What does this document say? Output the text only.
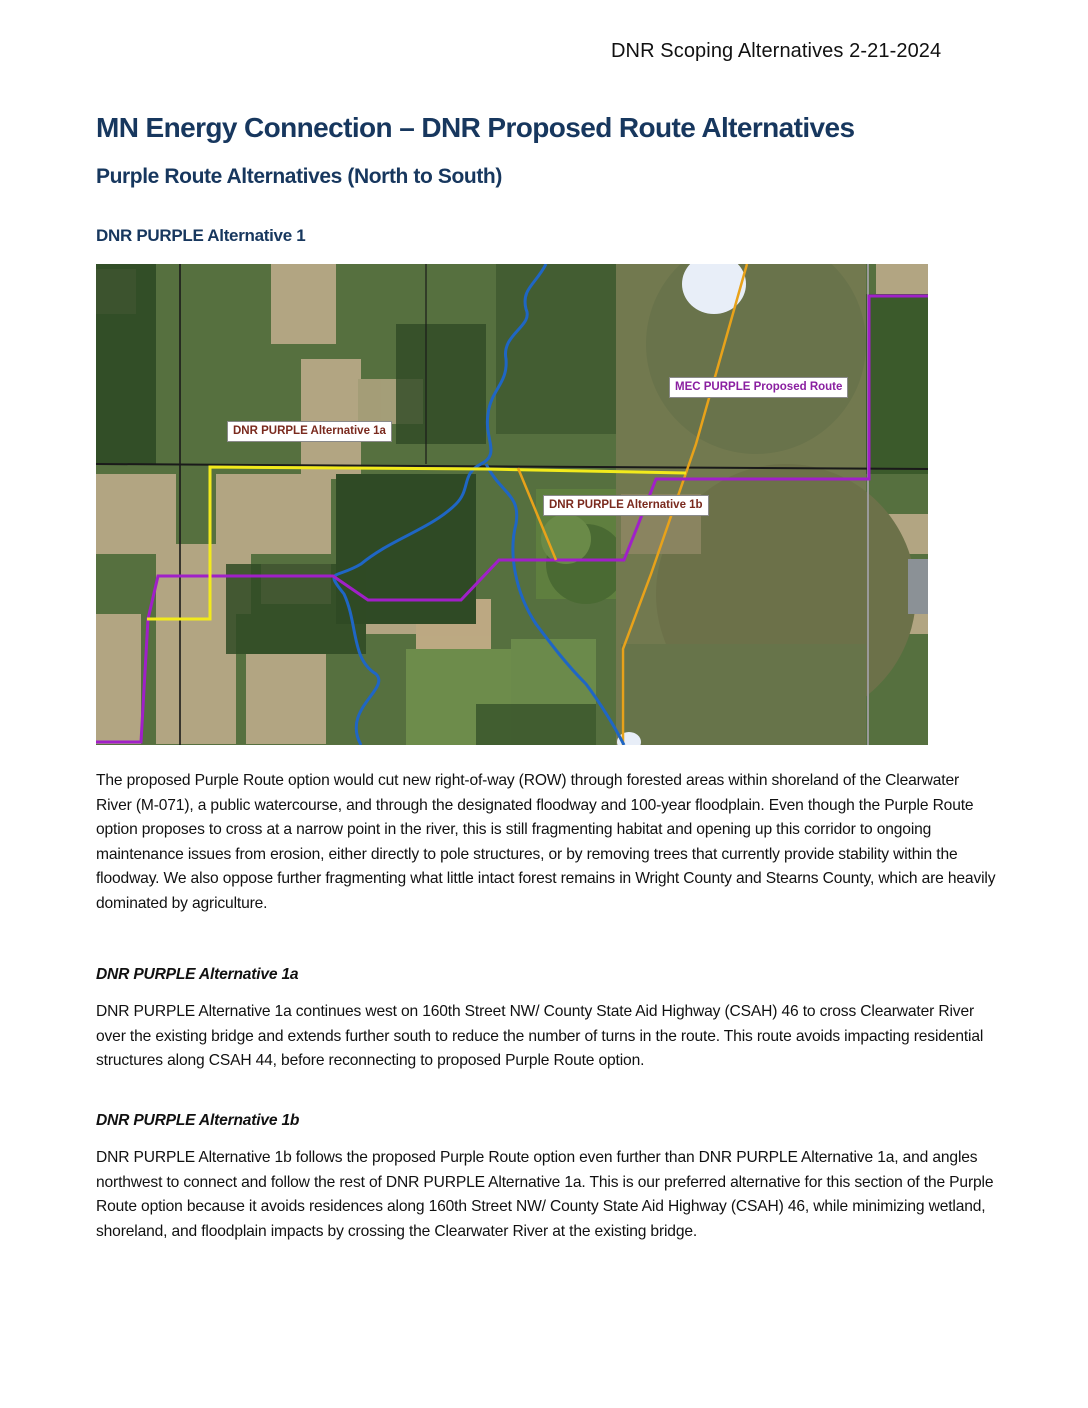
DNR Scoping Alternatives 2-21-2024
MN Energy Connection – DNR Proposed Route Alternatives
Purple Route Alternatives (North to South)
DNR PURPLE Alternative 1
DNR PURPLE Alternative 1a
DNR PURPLE Alternative 1b
MEC PURPLE Proposed Route

The proposed Purple Route option would cut new right-of-way (ROW) through forested areas within shoreland of the Clearwater River (M-071), a public watercourse, and through the designated floodway and 100-year floodplain. Even though the Purple Route option proposes to cross at a narrow point in the river, this is still fragmenting habitat and opening up this corridor to ongoing maintenance issues from erosion, either directly to pole structures, or by removing trees that currently provide stability within the floodway. We also oppose further fragmenting what little intact forest remains in Wright County and Stearns County, which are heavily dominated by agriculture.

DNR PURPLE Alternative 1a

DNR PURPLE Alternative 1a continues west on 160th Street NW/ County State Aid Highway (CSAH) 46 to cross Clearwater River over the existing bridge and extends further south to reduce the number of turns in the route. This route avoids impacting residential structures along CSAH 44, before reconnecting to proposed Purple Route option.

DNR PURPLE Alternative 1b

DNR PURPLE Alternative 1b follows the proposed Purple Route option even further than DNR PURPLE Alternative 1a, and angles northwest to connect and follow the rest of DNR PURPLE Alternative 1a. This is our preferred alternative for this section of the Purple Route option because it avoids residences along 160th Street NW/ County State Aid Highway (CSAH) 46, while minimizing wetland, shoreland, and floodplain impacts by crossing the Clearwater River at the existing bridge.
